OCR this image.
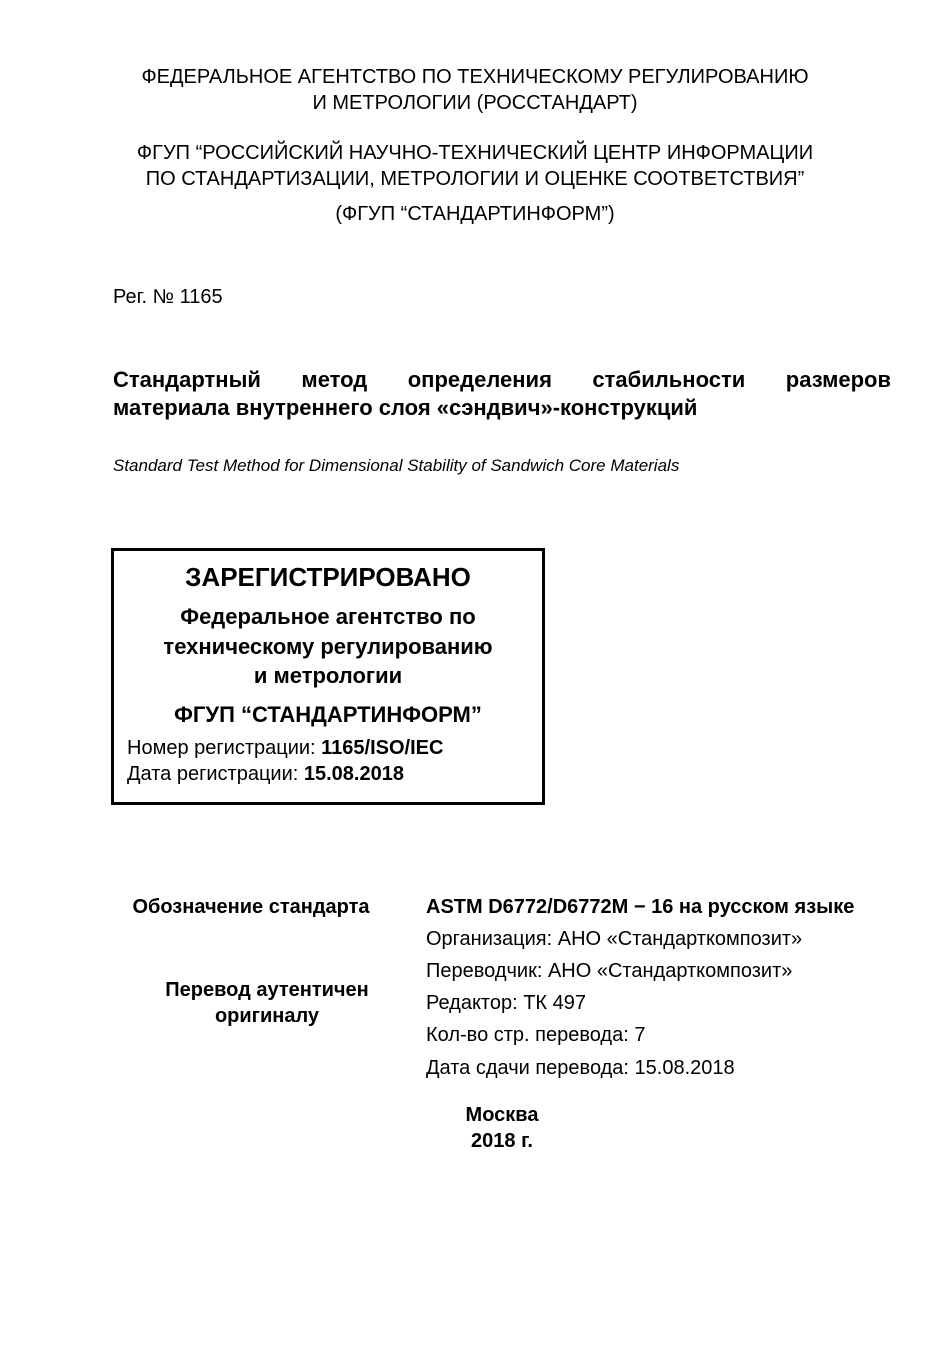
ФЕДЕРАЛЬНОЕ АГЕНТСТВО ПО ТЕХНИЧЕСКОМУ РЕГУЛИРОВАНИЮ
И МЕТРОЛОГИИ (РОССТАНДАРТ)
ФГУП “РОССИЙСКИЙ НАУЧНО-ТЕХНИЧЕСКИЙ ЦЕНТР ИНФОРМАЦИИ
ПО СТАНДАРТИЗАЦИИ, МЕТРОЛОГИИ И ОЦЕНКЕ СООТВЕТСТВИЯ”
(ФГУП “СТАНДАРТИНФОРМ”)
Рег. № 1165
Стандартный метод определения стабильности размеров
материала внутреннего слоя «сэндвич»-конструкций
Standard Test Method for Dimensional Stability of Sandwich Core Materials
ЗАРЕГИСТРИРОВАНО
Федеральное агентство по
техническому регулированию
и метрологии
ФГУП “СТАНДАРТИНФОРМ”
Номер регистрации: 1165/ISO/IEC
Дата регистрации: 15.08.2018
Обозначение стандарта
Перевод аутентичен
оригиналу
ASTM D6772/D6772M − 16 на русском языке
Организация: АНО «Стандарткомпозит»
Переводчик: АНО «Стандарткомпозит»
Редактор: ТК 497
Кол-во стр. перевода: 7
Дата сдачи перевода: 15.08.2018
Москва
2018 г.
